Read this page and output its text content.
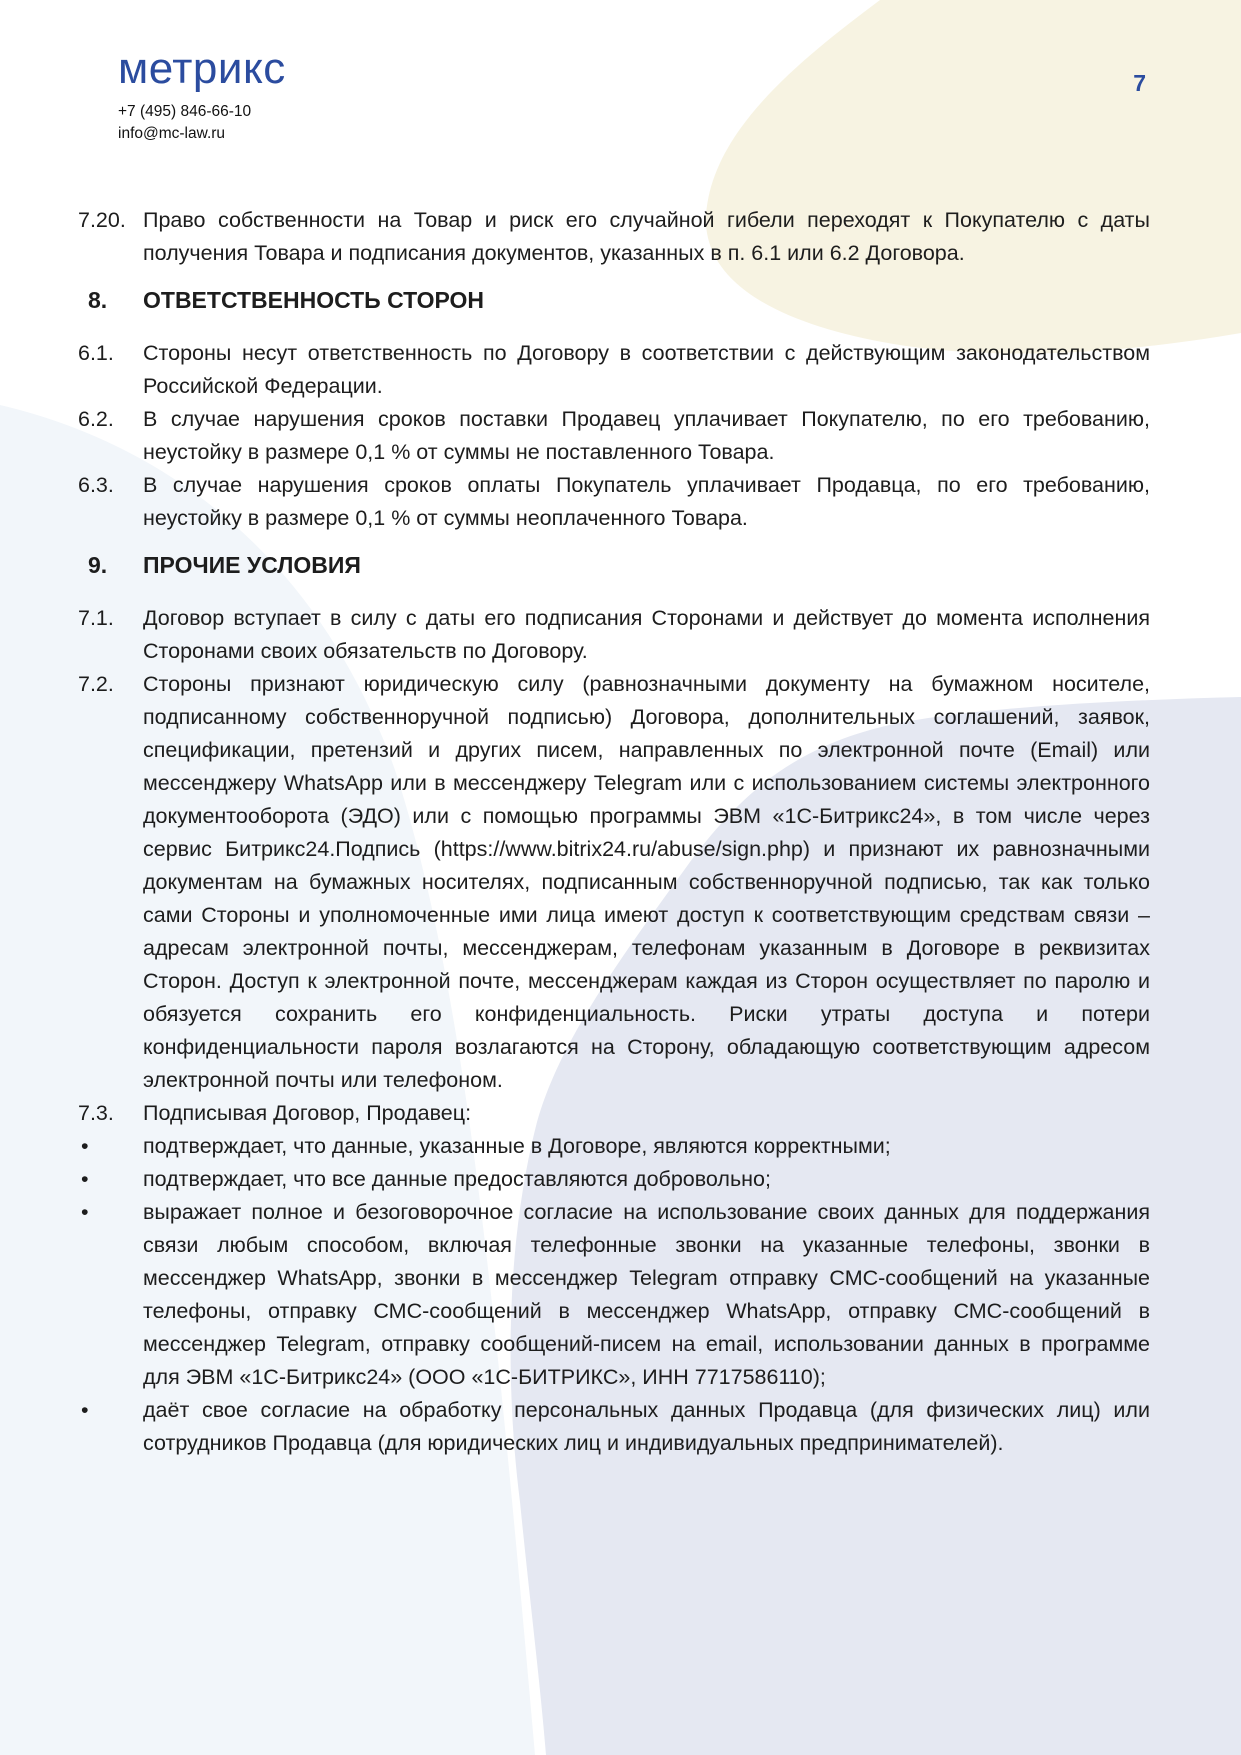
метрикс
+7 (495) 846-66-10
info@mc-law.ru
7
7.20. Право собственности на Товар и риск его случайной гибели переходят к Покупателю с даты получения Товара и подписания документов, указанных в п. 6.1 или 6.2 Договора.
8.	ОТВЕТСТВЕННОСТЬ СТОРОН
6.1.	Стороны несут ответственность по Договору в соответствии с действующим законодательством Российской Федерации.
6.2.	В случае нарушения сроков поставки Продавец уплачивает Покупателю, по его требованию, неустойку в размере 0,1 % от суммы не поставленного Товара.
6.3.	В случае нарушения сроков оплаты Покупатель уплачивает Продавца, по его требованию, неустойку в размере 0,1 % от суммы неоплаченного Товара.
9.	ПРОЧИЕ УСЛОВИЯ
7.1.	Договор вступает в силу с даты его подписания Сторонами и действует до момента исполнения Сторонами своих обязательств по Договору.
7.2.	Стороны признают юридическую силу (равнозначными документу на бумажном носителе, подписанному собственноручной подписью) Договора, дополнительных соглашений, заявок, спецификации, претензий и других писем, направленных по электронной почте (Email) или мессенджеру WhatsApp или в мессенджеру Telegram или с использованием системы электронного документооборота (ЭДО) или с помощью программы ЭВМ «1С-Битрикс24», в том числе через сервис Битрикс24.Подпись (https://www.bitrix24.ru/abuse/sign.php) и признают их равнозначными документам на бумажных носителях, подписанным собственноручной подписью, так как только сами Стороны и уполномоченные ими лица имеют доступ к соответствующим средствам связи – адресам электронной почты, мессенджерам, телефонам указанным в Договоре в реквизитах Сторон. Доступ к электронной почте, мессенджерам каждая из Сторон осуществляет по паролю и обязуется сохранить его конфиденциальность. Риски утраты доступа и потери конфиденциальности пароля возлагаются на Сторону, обладающую соответствующим адресом электронной почты или телефоном.
7.3.	Подписывая Договор, Продавец:
•	подтверждает, что данные, указанные в Договоре, являются корректными;
•	подтверждает, что все данные предоставляются добровольно;
•	выражает полное и безоговорочное согласие на использование своих данных для поддержания связи любым способом, включая телефонные звонки на указанные телефоны, звонки в мессенджер WhatsApp, звонки в мессенджер Telegram отправку СМС-сообщений на указанные телефоны, отправку СМС-сообщений в мессенджер WhatsApp, отправку СМС-сообщений в мессенджер Telegram, отправку сообщений-писем на email, использовании данных в программе для ЭВМ «1С-Битрикс24» (ООО «1С-БИТРИКС», ИНН 7717586110);
•	даёт свое согласие на обработку персональных данных Продавца (для физических лиц) или сотрудников Продавца (для юридических лиц и индивидуальных предпринимателей).
